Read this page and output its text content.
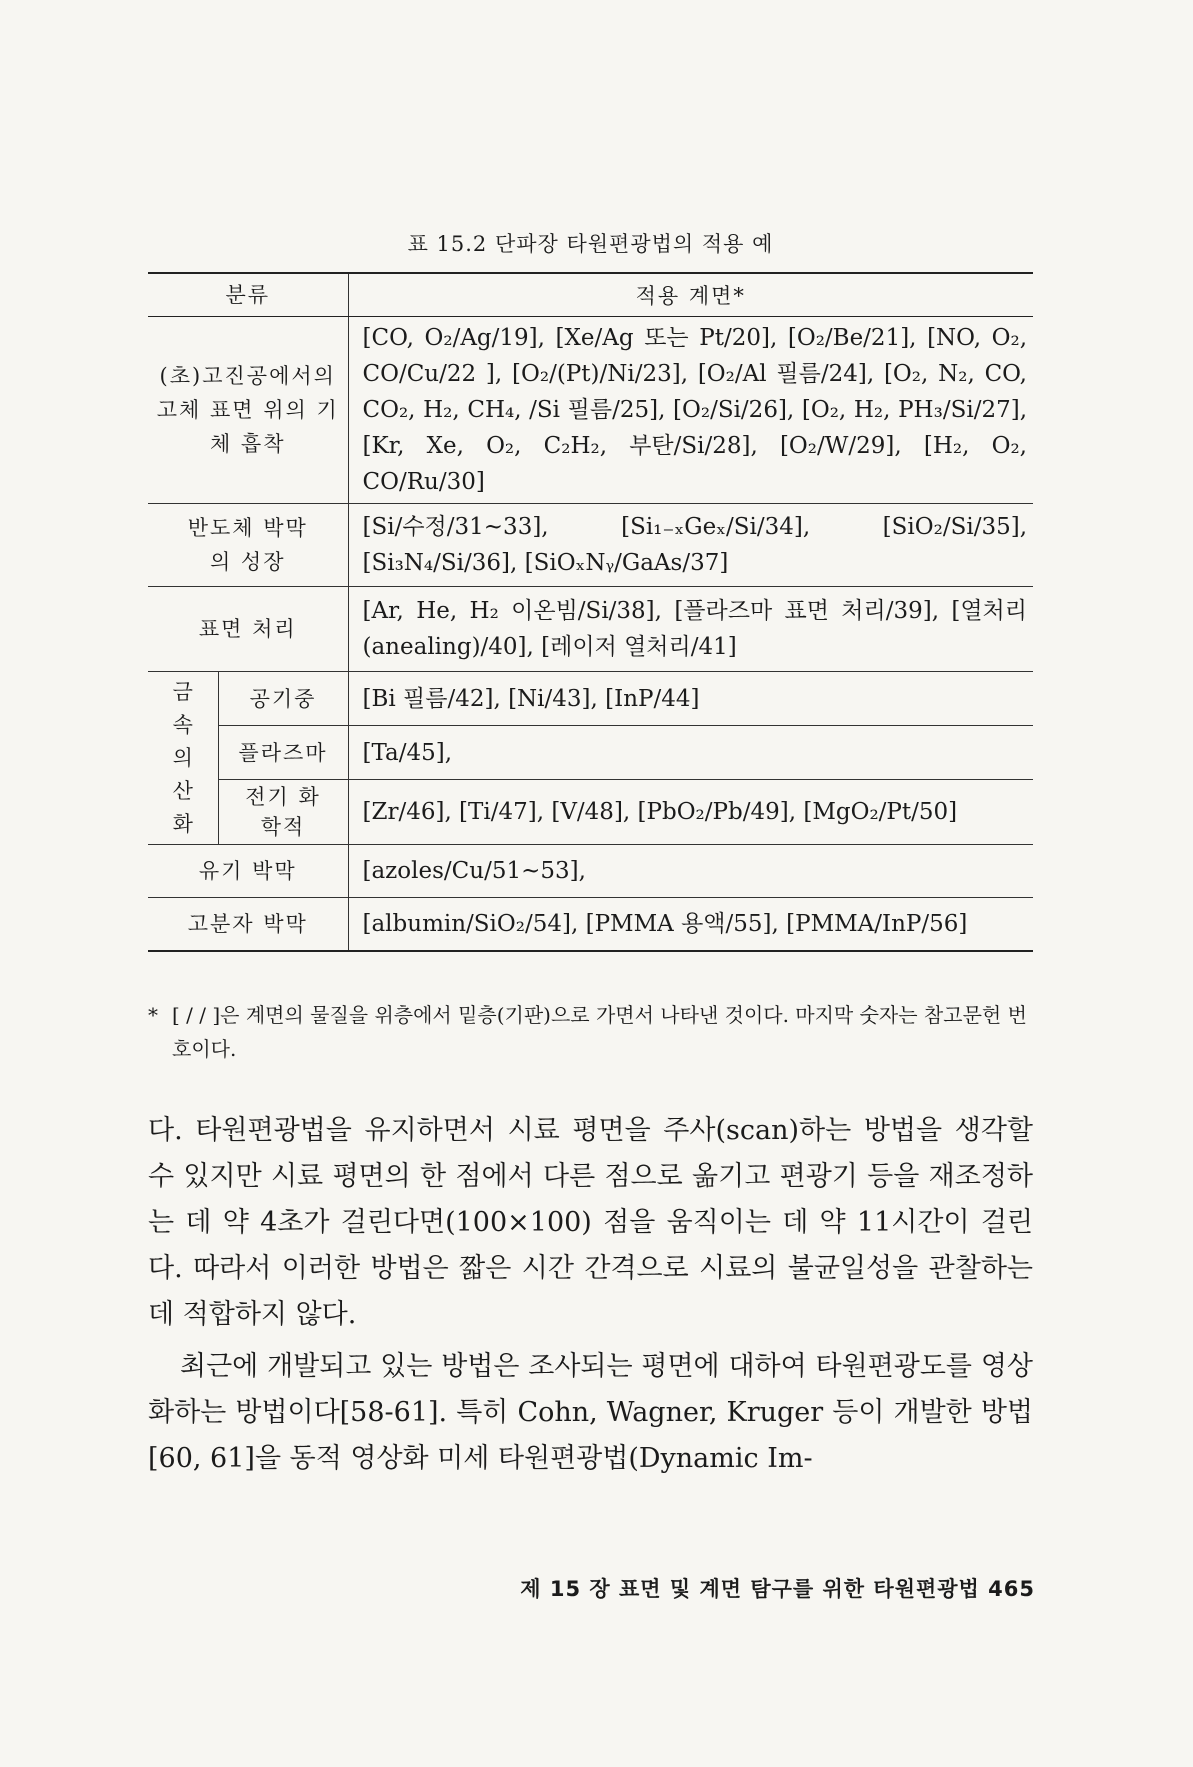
표 15.2 단파장 타원편광법의 적용 예
분류		적용 계면*
(초)고진공에서의 고체 표면 위의 기체 흡착		[CO, O₂/Ag/19], [Xe/Ag 또는 Pt/20], [O₂/Be/21], [NO, O₂, CO/Cu/22 ], [O₂/(Pt)/Ni/23], [O₂/Al 필름/24], [O₂, N₂, CO, CO₂, H₂, CH₄, /Si 필름/25], [O₂/Si/26], [O₂, H₂, PH₃/Si/27], [Kr, Xe, O₂, C₂H₂, 부탄/Si/28], [O₂/W/29], [H₂, O₂, CO/Ru/30]
반도체 박막의 성장		[Si/수정/31~33], [Si₁₋ₓGeₓ/Si/34], [SiO₂/Si/35], [Si₃N₄/Si/36], [SiOₓNᵧ/GaAs/37]
표면 처리		[Ar, He, H₂ 이온빔/Si/38], [플라즈마 표면 처리/39], [열처리(anealing)/40], [레이저 열처리/41]
금속의 산화	공기중	[Bi 필름/42], [Ni/43], [InP/44]
	플라즈마	[Ta/45],
	전기 화학적	[Zr/46], [Ti/47], [V/48], [PbO₂/Pb/49], [MgO₂/Pt/50]
유기 박막		[azoles/Cu/51~53],
고분자 박막		[albumin/SiO₂/54], [PMMA 용액/55], [PMMA/InP/56]
* [ / / ]은 계면의 물질을 위층에서 밑층(기판)으로 가면서 나타낸 것이다. 마지막 숫자는 참고문헌 번호이다.

다. 타원편광법을 유지하면서 시료 평면을 주사(scan)하는 방법을 생각할 수 있지만 시료 평면의 한 점에서 다른 점으로 옮기고 편광기 등을 재조정하는 데 약 4초가 걸린다면(100×100) 점을 움직이는 데 약 11시간이 걸린다. 따라서 이러한 방법은 짧은 시간 간격으로 시료의 불균일성을 관찰하는 데 적합하지 않다.

최근에 개발되고 있는 방법은 조사되는 평면에 대하여 타원편광도를 영상화하는 방법이다[58-61]. 특히 Cohn, Wagner, Kruger 등이 개발한 방법[60, 61]을 동적 영상화 미세 타원편광법(Dynamic Im-

제 15 장 표면 및 계면 탐구를 위한 타원편광법 465
